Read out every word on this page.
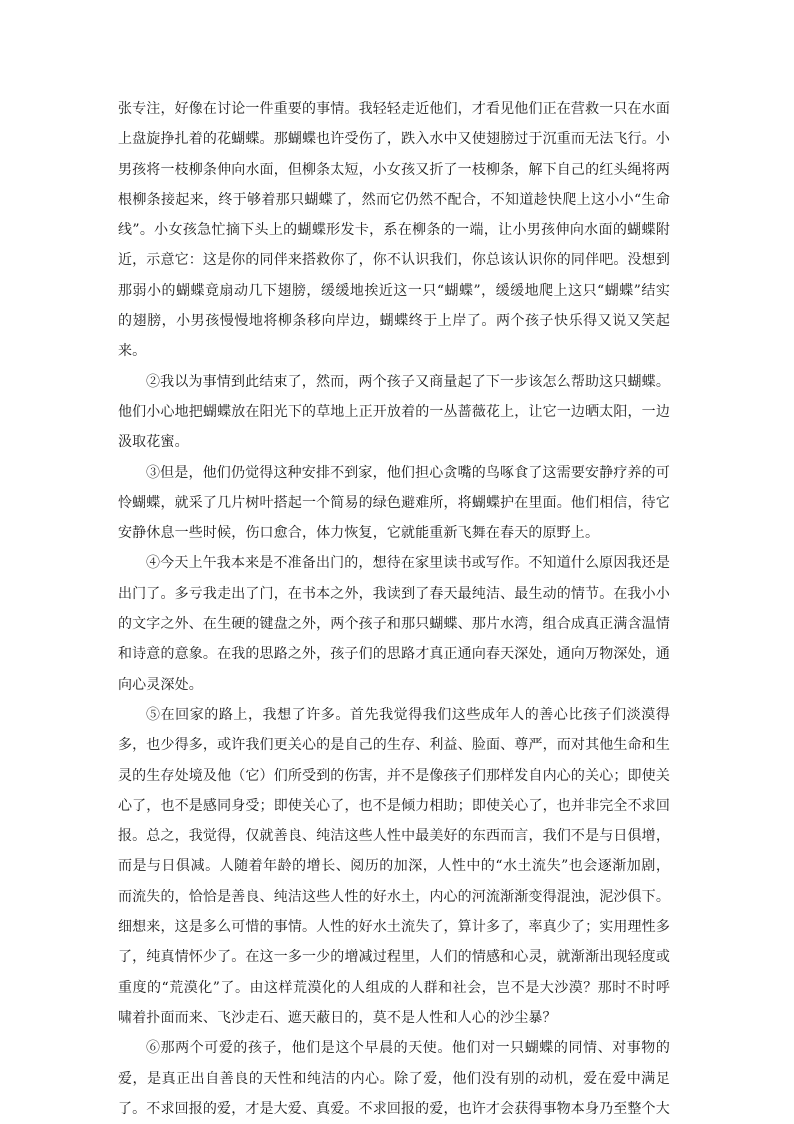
张专注，好像在讨论一件重要的事情。我轻轻走近他们，才看见他们正在营救一只在水面上盘旋挣扎着的花蝴蝶。那蝴蝶也许受伤了，跌入水中又使翅膀过于沉重而无法飞行。小男孩将一枝柳条伸向水面，但柳条太短，小女孩又折了一枝柳条，解下自己的红头绳将两根柳条接起来，终于够着那只蝴蝶了，然而它仍然不配合，不知道趁快爬上这小小“生命线”。小女孩急忙摘下头上的蝴蝶形发卡，系在柳条的一端，让小男孩伸向水面的蝴蝶附近，示意它：这是你的同伴来搭救你了，你不认识我们，你总该认识你的同伴吧。没想到那弱小的蝴蝶竟扇动几下翅膀，缓缓地挨近这一只“蝴蝶”，缓缓地爬上这只“蝴蝶”结实的翅膀，小男孩慢慢地将柳条移向岸边，蝴蝶终于上岸了。两个孩子快乐得又说又笑起来。

②我以为事情到此结束了，然而，两个孩子又商量起了下一步该怎么帮助这只蝴蝶。他们小心地把蝴蝶放在阳光下的草地上正开放着的一丛蔷薇花上，让它一边晒太阳，一边汲取花蜜。

③但是，他们仍觉得这种安排不到家，他们担心贪嘴的鸟啄食了这需要安静疗养的可怜蝴蝶，就采了几片树叶搭起一个简易的绿色避难所，将蝴蝶护在里面。他们相信，待它安静休息一些时候，伤口愈合，体力恢复，它就能重新飞舞在春天的原野上。

④今天上午我本来是不准备出门的，想待在家里读书或写作。不知道什么原因我还是出门了。多亏我走出了门，在书本之外，我读到了春天最纯洁、最生动的情节。在我小小的文字之外、在生硬的键盘之外，两个孩子和那只蝴蝶、那片水湾，组合成真正满含温情和诗意的意象。在我的思路之外，孩子们的思路才真正通向春天深处，通向万物深处，通向心灵深处。

⑤在回家的路上，我想了许多。首先我觉得我们这些成年人的善心比孩子们淡漠得多，也少得多，或许我们更关心的是自己的生存、利益、脸面、尊严，而对其他生命和生灵的生存处境及他（它）们所受到的伤害，并不是像孩子们那样发自内心的关心；即使关心了，也不是感同身受；即使关心了，也不是倾力相助；即使关心了，也并非完全不求回报。总之，我觉得，仅就善良、纯洁这些人性中最美好的东西而言，我们不是与日俱增，而是与日俱减。人随着年龄的增长、阅历的加深，人性中的“水土流失”也会逐渐加剧，而流失的，恰恰是善良、纯洁这些人性的好水土，内心的河流渐渐变得混浊，泥沙俱下。细想来，这是多么可惜的事情。人性的好水土流失了，算计多了，率真少了；实用理性多了，纯真情怀少了。在这一多一少的增减过程里，人们的情感和心灵，就渐渐出现轻度或重度的“荒漠化”了。由这样荒漠化的人组成的人群和社会，岂不是大沙漠？那时不时呼啸着扑面而来、飞沙走石、遮天蔽日的，莫不是人性和人心的沙尘暴？

⑥那两个可爱的孩子，他们是这个早晨的天使。他们对一只蝴蝶的同情、对事物的爱，是真正出自善良的天性和纯洁的内心。除了爱，他们没有别的动机，爱在爱中满足了。不求回报的爱，才是大爱、真爱。不求回报的爱，也许才会获得事物本身乃至整个大
